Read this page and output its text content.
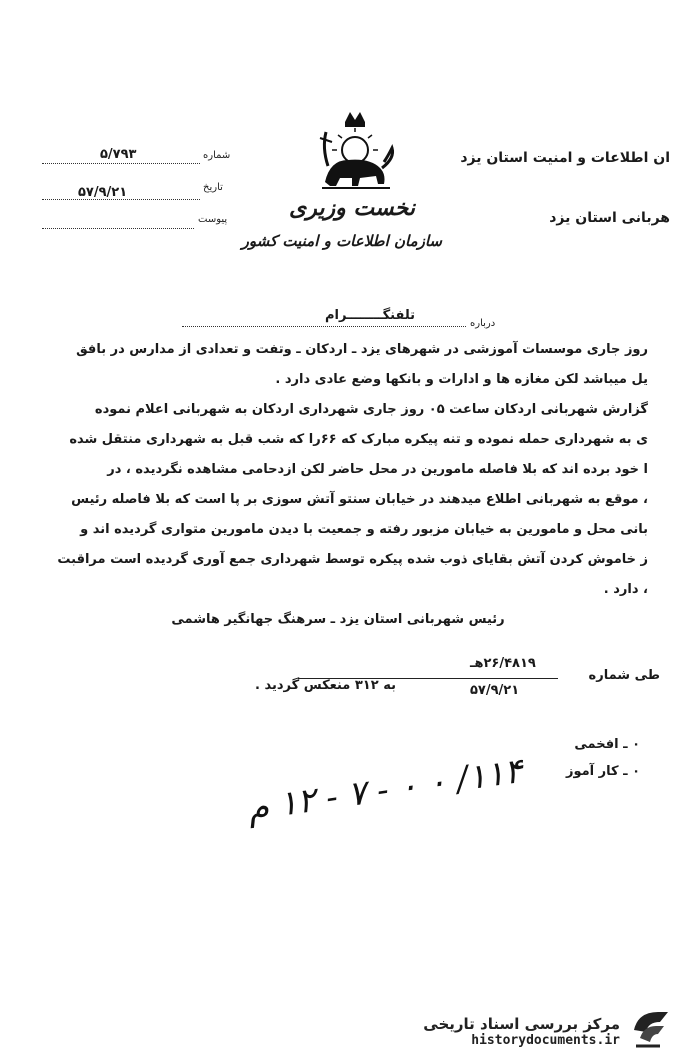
شماره
۵/۷۹۳
تاریخ
۵۷/۹/۲۱
پیوست	نخست وزیری
سازمان اطلاعات و امنیت کشور
ان اطلاعات و امنیت استان یزد
هربانی استان یزد
درباره
تلفنگــــــــرام
روز جاری موسسات آموزشی در شهرهای یزد ـ اردکان ـ وتفت و تعدادی از مدارس در بافق
یل میباشد لکن مغازه ها و ادارات و بانکها وضع عادی دارد .
گزارش شهربانی اردکان ساعت ۰۵ روز جاری شهرداری اردکان به شهربانی اعلام نموده
ی به شهرداری حمله نموده و تنه پیکره مبارک که ۶۶را که شب قبل به شهرداری منتقل شده
ا خود برده اند که بلا فاصله مامورین در محل حاضر لکن ازدحامی مشاهده نگردیده ، در
، موقع به شهربانی اطلاع میدهند در خیابان سنتو آتش سوزی بر پا است که بلا فاصله رئیس
بانی محل و مامورین به خیابان مزبور رفته و جمعیت با دیدن مامورین متواری گردیده اند و
ز خاموش کردن آتش بقایای ذوب شده پیکره توسط شهرداری جمع آوری گردیده است مراقبت
، دارد .
رئیس شهربانی استان یزد ـ سرهنگ جهانگیر هاشمی
طی شماره
۲۶/۴۸۱۹هـ
۵۷/۹/۲۱
به ۳۱۲ منعکس گردید .
۰ ـ افخمی
۰ ـ کار آموز
۱۱۴/ ۰ ۰ - ۷ - ۱۲ م
مرکز بررسی اسناد تاریخی
historydocuments.ir
